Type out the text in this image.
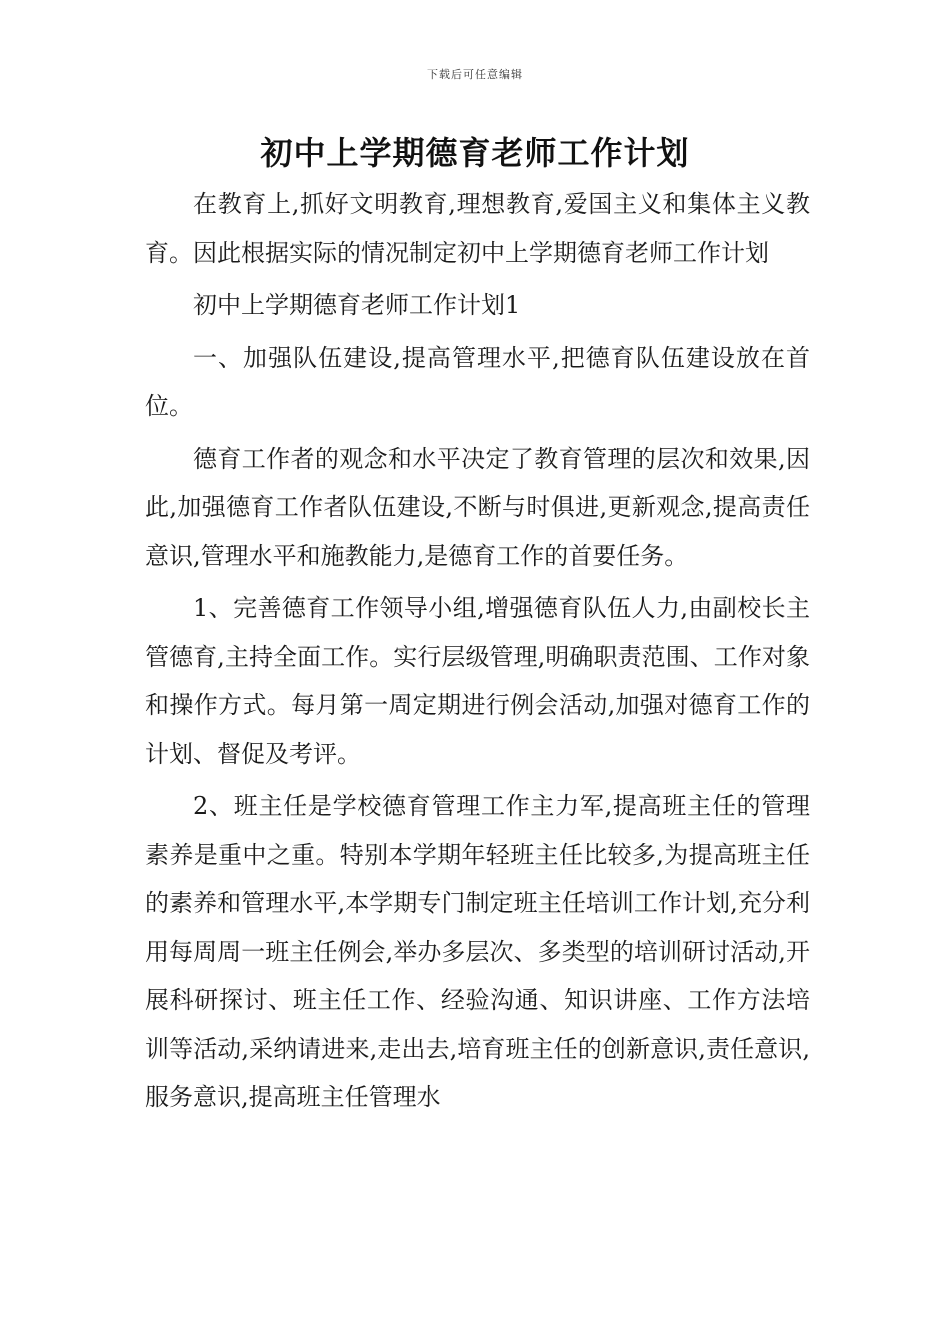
下载后可任意编辑
初中上学期德育老师工作计划

在教育上,抓好文明教育,理想教育,爱国主义和集体主义教育。因此根据实际的情况制定初中上学期德育老师工作计划

初中上学期德育老师工作计划1

一、加强队伍建设,提高管理水平,把德育队伍建设放在首位。

德育工作者的观念和水平决定了教育管理的层次和效果,因此,加强德育工作者队伍建设,不断与时俱进,更新观念,提高责任意识,管理水平和施教能力,是德育工作的首要任务。

1、完善德育工作领导小组,增强德育队伍人力,由副校长主管德育,主持全面工作。实行层级管理,明确职责范围、工作对象和操作方式。每月第一周定期进行例会活动,加强对德育工作的计划、督促及考评。

2、班主任是学校德育管理工作主力军,提高班主任的管理素养是重中之重。特别本学期年轻班主任比较多,为提高班主任的素养和管理水平,本学期专门制定班主任培训工作计划,充分利用每周周一班主任例会,举办多层次、多类型的培训研讨活动,开展科研探讨、班主任工作、经验沟通、知识讲座、工作方法培训等活动,采纳请进来,走出去,培育班主任的创新意识,责任意识,服务意识,提高班主任管理水
